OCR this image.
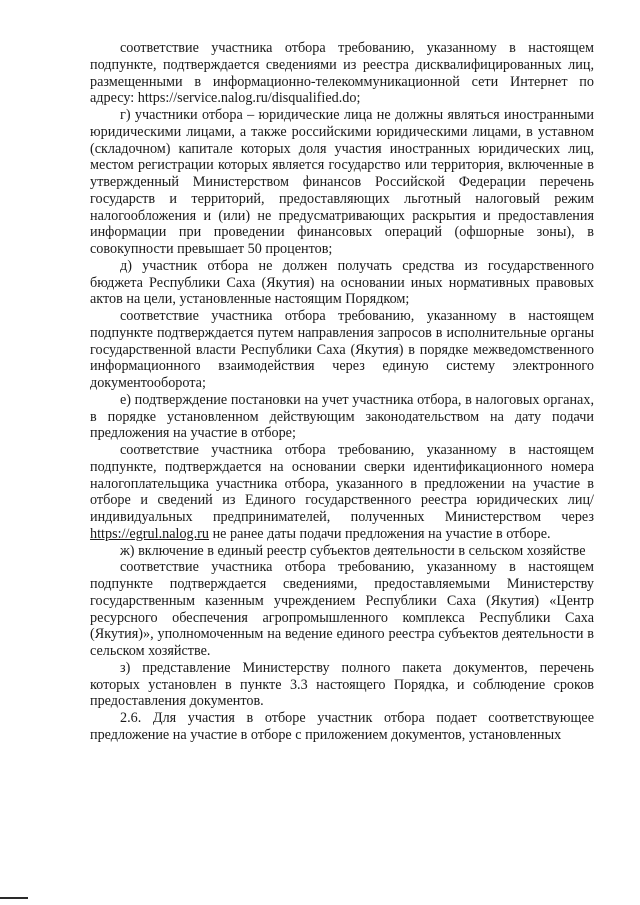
соответствие участника отбора требованию, указанному в настоящем подпункте, подтверждается сведениями из реестра дисквалифицированных лиц, размещенными в информационно-телекоммуникационной сети Интернет по адресу: https://service.nalog.ru/disqualified.do;

г) участники отбора – юридические лица не должны являться иностранными юридическими лицами, а также российскими юридическими лицами, в уставном (складочном) капитале которых доля участия иностранных юридических лиц, местом регистрации которых является государство или территория, включенные в утвержденный Министерством финансов Российской Федерации перечень государств и территорий, предоставляющих льготный налоговый режим налогообложения и (или) не предусматривающих раскрытия и предоставления информации при проведении финансовых операций (офшорные зоны), в совокупности превышает 50 процентов;

д) участник отбора не должен получать средства из государственного бюджета Республики Саха (Якутия) на основании иных нормативных правовых актов на цели, установленные настоящим Порядком;

соответствие участника отбора требованию, указанному в настоящем подпункте подтверждается путем направления запросов в исполнительные органы государственной власти Республики Саха (Якутия) в порядке межведомственного информационного взаимодействия через единую систему электронного документооборота;

е) подтверждение постановки на учет участника отбора, в налоговых органах, в порядке установленном действующим законодательством на дату подачи предложения на участие в отборе;

соответствие участника отбора требованию, указанному в настоящем подпункте, подтверждается на основании сверки идентификационного номера налогоплательщика участника отбора, указанного в предложении на участие в отборе и сведений из Единого государственного реестра юридических лиц/индивидуальных предпринимателей, полученных Министерством через https://egrul.nalog.ru не ранее даты подачи предложения на участие в отборе.

ж) включение в единый реестр субъектов деятельности в сельском хозяйстве

соответствие участника отбора требованию, указанному в настоящем подпункте подтверждается сведениями, предоставляемыми Министерству государственным казенным учреждением Республики Саха (Якутия) «Центр ресурсного обеспечения агропромышленного комплекса Республики Саха (Якутия)», уполномоченным на ведение единого реестра субъектов деятельности в сельском хозяйстве.

з) представление Министерству полного пакета документов, перечень которых установлен в пункте 3.3 настоящего Порядка, и соблюдение сроков предоставления документов.

2.6. Для участия в отборе участник отбора подает соответствующее предложение на участие в отборе с приложением документов, установленных
